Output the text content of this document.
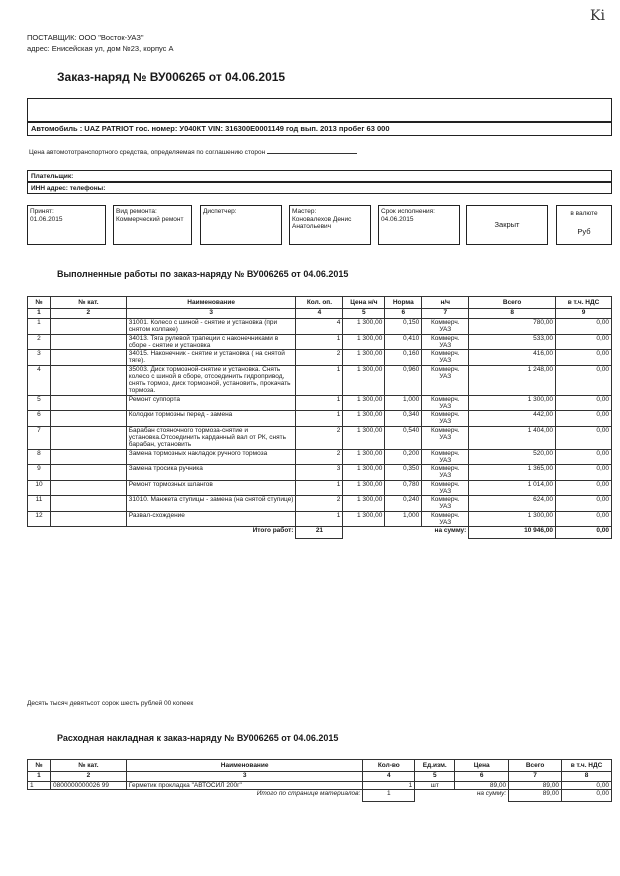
ПОСТАВЩИК: ООО "Восток-УАЗ"
адрес: Енисейская ул, дом №23, корпус А
Ki
Заказ-наряд № ВУ006265 от 04.06.2015
Автомобиль : UAZ PATRIOT гос. номер: У040КТ VIN: 316300Е0001149 год вып. 2013 пробег 63 000
Цена автомототранспортного средства, определяемая по соглашению сторон
Плательщик:
ИНН адрес: телефоны:
Принят:
01.06.2015
Вид ремонта:
Коммерческий ремонт
Диспетчер:	Мастер:
Коновалехов Денис Анатольевич
Срок исполнения:
04.06.2015
Закрыт
в валюте
Руб
Выполненные работы по заказ-наряду № ВУ006265 от 04.06.2015
№	№ кат.	Наименование	Кол. оп.	Цена н/ч	Норма	н/ч	Всего	в т.ч. НДС
1	2	3	4	5	6	7	8	9
1		31001. Колесо с шиной - снятие и установка (при снятом колпаке)	4	1 300,00	0,150	Коммерч. УАЗ	780,00	0,00
2		34013. Тяга рулевой трапеции с наконечниками в сборе - снятие и установка	1	1 300,00	0,410	Коммерч. УАЗ	533,00	0,00
3		34015. Наконечник - снятие и установка ( на снятой тяге).	2	1 300,00	0,160	Коммерч. УАЗ	416,00	0,00
4		35003. Диск тормозной-снятие и установка. Снять колесо с шиной в сборе, отсоединить гидропривод, снять тормоз, диск тормозной, установить, прокачать тормоза.	1	1 300,00	0,960	Коммерч. УАЗ	1 248,00	0,00
5		Ремонт суппорта	1	1 300,00	1,000	Коммерч. УАЗ	1 300,00	0,00
6		Колодки тормозны перед - замена	1	1 300,00	0,340	Коммерч. УАЗ	442,00	0,00
7		Барабан стояночного тормоза-снятие и установка.Отсоединить карданный вал от РК, снять барабан, установить	2	1 300,00	0,540	Коммерч. УАЗ	1 404,00	0,00
8		Замена тормозных накладок ручного тормоза	2	1 300,00	0,200	Коммерч. УАЗ	520,00	0,00
9		Замена тросика ручника	3	1 300,00	0,350	Коммерч. УАЗ	1 365,00	0,00
10		Ремонт тормозных шлангов	1	1 300,00	0,780	Коммерч. УАЗ	1 014,00	0,00
11		31010. Манжета ступицы - замена (на снятой ступице)	2	1 300,00	0,240	Коммерч. УАЗ	624,00	0,00
12		Развал-схождение	1	1 300,00	1,000	Коммерч. УАЗ	1 300,00	0,00
Итого работ:			21	на сумму:			10 946,00	0,00
Десять тысяч девятьсот сорок шесть рублей 00 копеек
Расходная накладная к заказ-наряду № ВУ006265 от 04.06.2015
№	№ кат.	Наименование	Кол-во	Ед.изм.	Цена	Всего	в т.ч. НДС
1	2	3	4	5	6	7	8
1	0800000000026 99	Герметик прокладка "АВТОСИЛ 200г"	1	шт	89,00	89,00	0,00
Итого по странице материалов:			1	на сумму:		89,00	0,00
